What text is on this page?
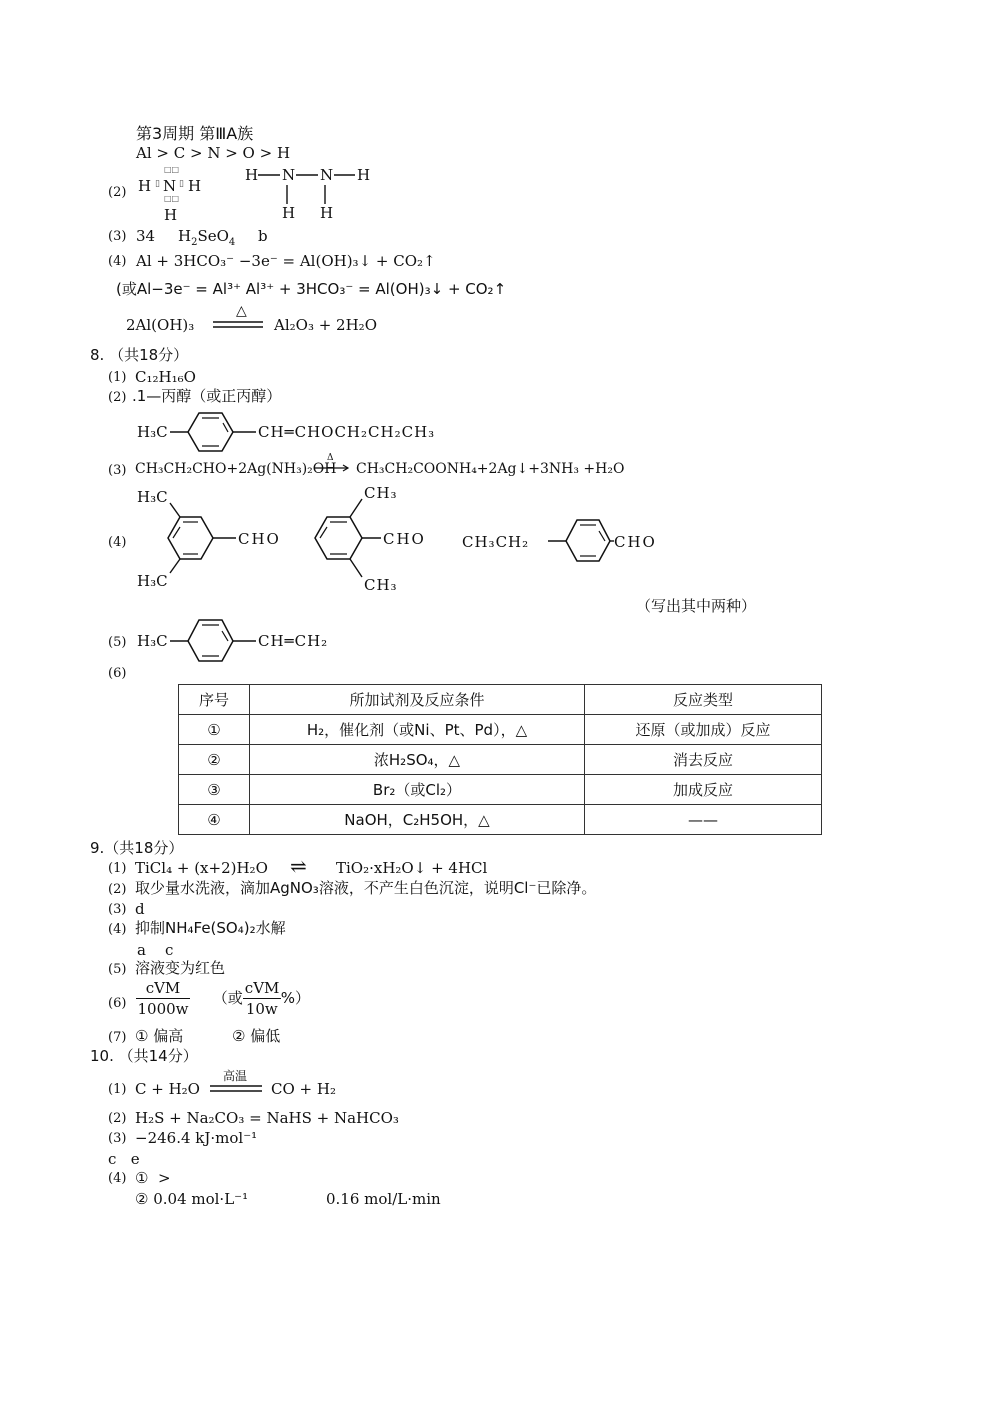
第3周期 第ⅢA族
Al > C > N > O > H
(2)
□□
H ▯ N ▯ H
□□
H
H N N H
H H
(3) 34 $H_2SeO_4$ b
(4) Al + 3HCO₃⁻ −3e⁻ = Al(OH)₃↓ + CO₂↑
(或Al−3e⁻ = Al³⁺ Al³⁺ + 3HCO₃⁻ = Al(OH)₃↓ + CO₂↑
2Al(OH)₃
△
Al₂O₃ + 2H₂O
8. （共18分）
(1) C₁₂H₁₆O
(2) .1—丙醇（或正丙醇）
H₃C	CH═CHOCH₂CH₂CH₃
(3) CH₃CH₂CHO+2Ag(NH₃)₂OH
Δ
CH₃CH₂COONH₄+2Ag↓+3NH₃ +H₂O
(4)
H₃C
H₃C
CHO
CH₃
CH₃
CHO CH₃CH₂	CHO
（写出其中两种）
(5) H₃C	CH═CH₂
(6)
序号	所加试剂及反应条件	反应类型
①	H₂，催化剂（或Ni、Pt、Pd），△	还原（或加成）反应
②	浓H₂SO₄，△	消去反应
③	Br₂（或Cl₂）	加成反应
④	NaOH，C₂H5OH，△	——
9.（共18分）
(1) TiCl₄ + (x+2)H₂O ⇌ TiO₂·xH₂O↓ + 4HCl
(2) 取少量水洗液，滴加AgNO₃溶液，不产生白色沉淀，说明Cl⁻已除净。
(3) d
(4) 抑制NH₄Fe(SO₄)₂水解
a    c
(5) 溶液变为红色
$(6) \frac{\text{cVM}}{1000w}$ （或 $\frac{\text{cVM}}{10w}$ %）
(7) ① 偏高	② 偏低
10. （共14分）
(1) C + H₂O
高温
CO + H₂
(2) H₂S + Na₂CO₃ = NaHS + NaHCO₃
(3) −246.4 kJ·mol⁻¹
c   e
(4) ①  >
② 0.04 mol·L⁻¹	0.16 mol/L·min
